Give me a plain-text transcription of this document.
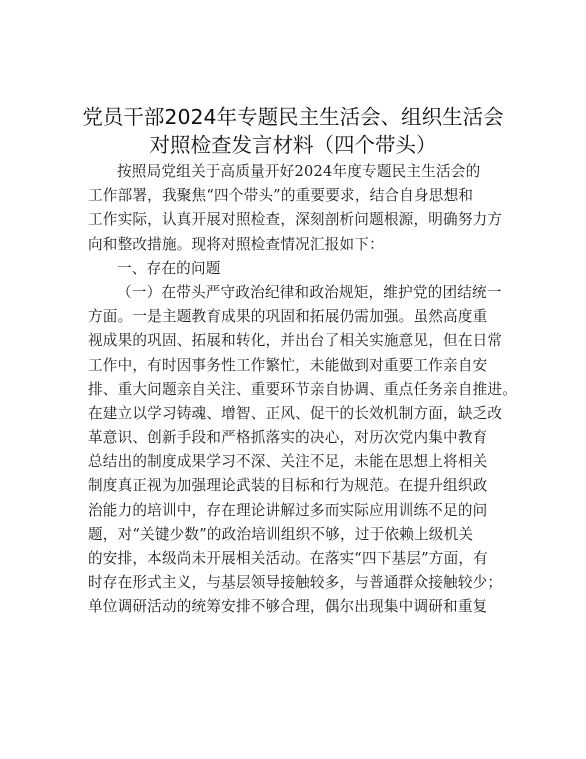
党员干部2024年专题民主生活会、组织生活会
对照检查发言材料（四个带头）
按照局党组关于高质量开好2024年度专题民主生活会的
工作部署，我聚焦“四个带头”的重要要求，结合自身思想和
工作实际，认真开展对照检查，深刻剖析问题根源，明确努力方
向和整改措施。现将对照检查情况汇报如下：
一、存在的问题
（一）在带头严守政治纪律和政治规矩，维护党的团结统一
方面。一是主题教育成果的巩固和拓展仍需加强。虽然高度重
视成果的巩固、拓展和转化，并出台了相关实施意见，但在日常
工作中，有时因事务性工作繁忙，未能做到对重要工作亲自安
排、重大问题亲自关注、重要环节亲自协调、重点任务亲自推进。
在建立以学习铸魂、增智、正风、促干的长效机制方面，缺乏改
革意识、创新手段和严格抓落实的决心，对历次党内集中教育
总结出的制度成果学习不深、关注不足，未能在思想上将相关
制度真正视为加强理论武装的目标和行为规范。在提升组织政
治能力的培训中，存在理论讲解过多而实际应用训练不足的问
题，对“关键少数”的政治培训组织不够，过于依赖上级机关
的安排，本级尚未开展相关活动。在落实“四下基层”方面，有
时存在形式主义，与基层领导接触较多，与普通群众接触较少；
单位调研活动的统筹安排不够合理，偶尔出现集中调研和重复
